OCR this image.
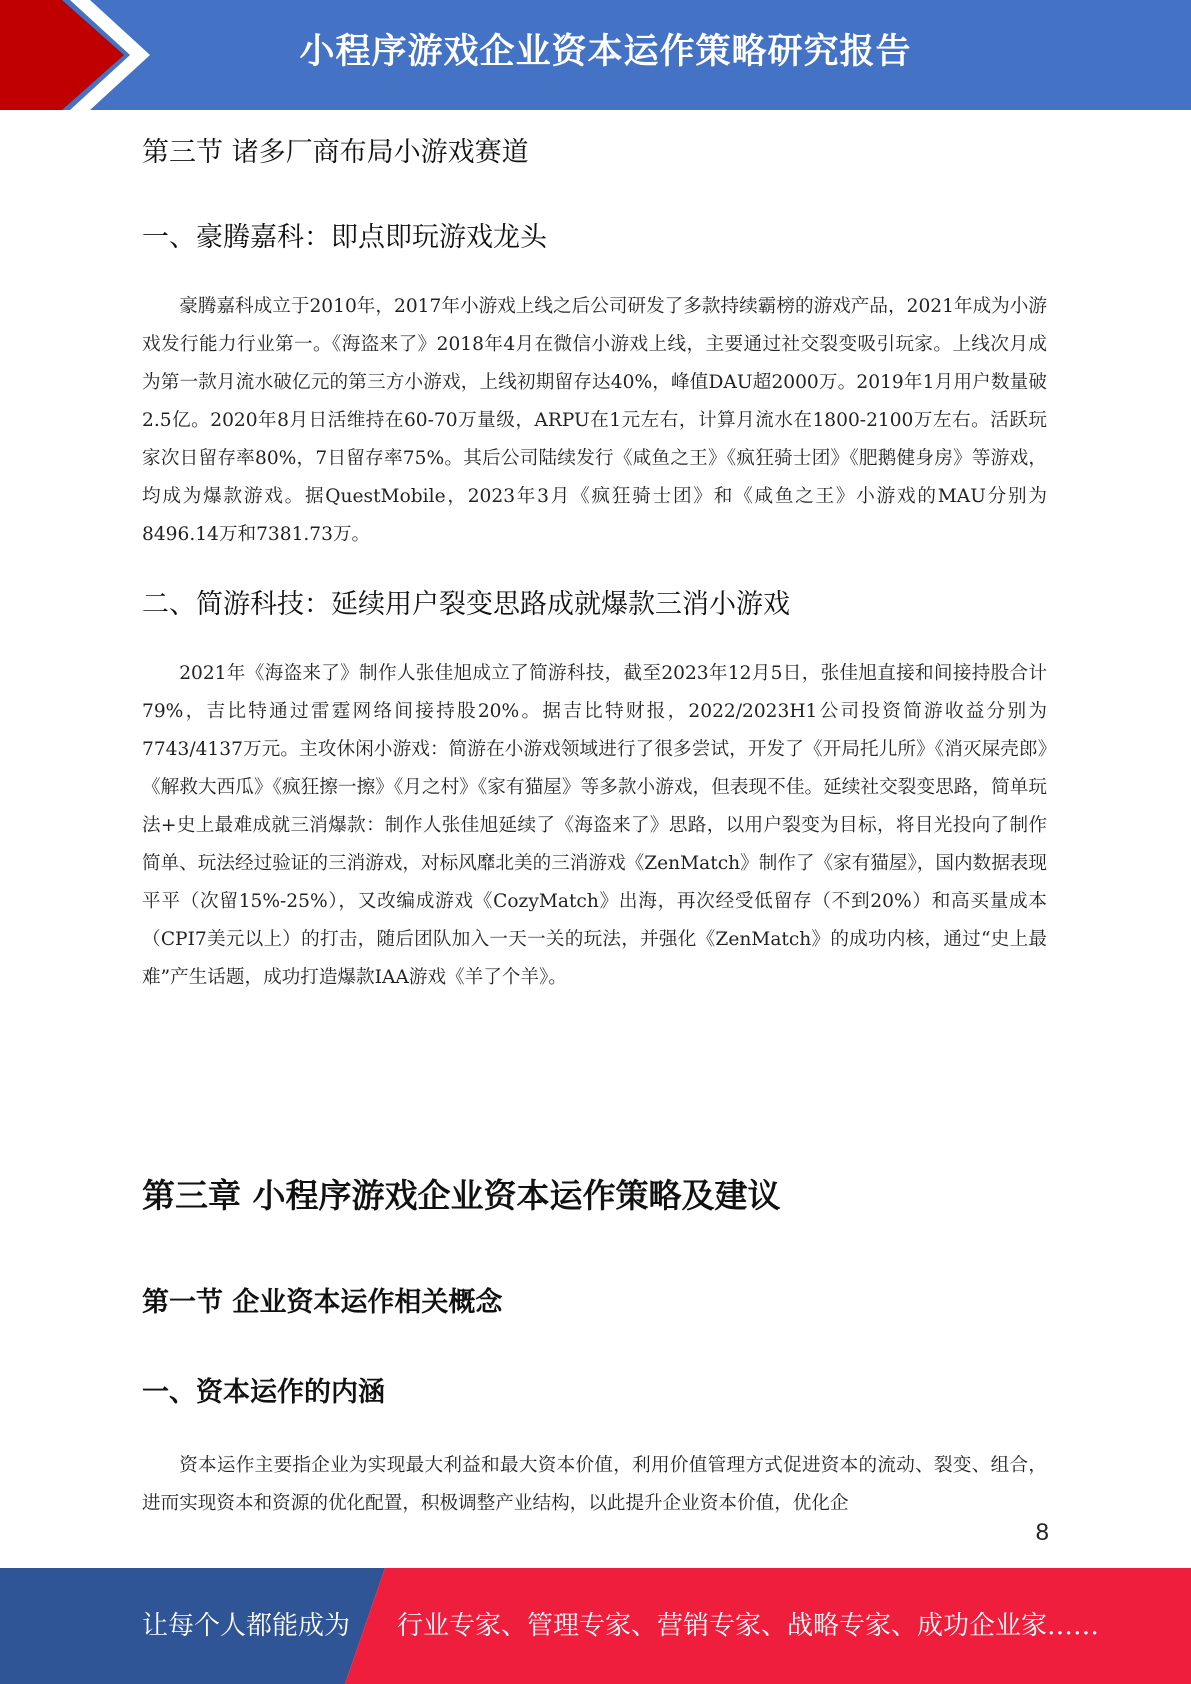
小程序游戏企业资本运作策略研究报告
第三节 诸多厂商布局小游戏赛道
一、豪腾嘉科：即点即玩游戏龙头

豪腾嘉科成立于2010年，2017年小游戏上线之后公司研发了多款持续霸榜的游戏产品，2021年成为小游戏发行能力行业第一。《海盗来了》2018年4月在微信小游戏上线，主要通过社交裂变吸引玩家。上线次月成为第一款月流水破亿元的第三方小游戏，上线初期留存达40%，峰值DAU超2000万。2019年1月用户数量破2.5亿。2020年8月日活维持在60-70万量级，ARPU在1元左右，计算月流水在1800-2100万左右。活跃玩家次日留存率80%，7日留存率75%。其后公司陆续发行《咸鱼之王》《疯狂骑士团》《肥鹅健身房》等游戏，均成为爆款游戏。据QuestMobile，2023年3月《疯狂骑士团》和《咸鱼之王》小游戏的MAU分别为8496.14万和7381.73万。

二、简游科技：延续用户裂变思路成就爆款三消小游戏

2021年《海盗来了》制作人张佳旭成立了简游科技，截至2023年12月5日，张佳旭直接和间接持股合计79%，吉比特通过雷霆网络间接持股20%。据吉比特财报，2022/2023H1公司投资简游收益分别为7743/4137万元。主攻休闲小游戏：简游在小游戏领域进行了很多尝试，开发了《开局托儿所》《消灭屎壳郎》《解救大西瓜》《疯狂擦一擦》《月之村》《家有猫屋》等多款小游戏，但表现不佳。延续社交裂变思路，简单玩法+史上最难成就三消爆款：制作人张佳旭延续了《海盗来了》思路，以用户裂变为目标，将目光投向了制作简单、玩法经过验证的三消游戏，对标风靡北美的三消游戏《ZenMatch》制作了《家有猫屋》，国内数据表现平平（次留15%-25%），又改编成游戏《CozyMatch》出海，再次经受低留存（不到20%）和高买量成本（CPI7美元以上）的打击，随后团队加入一天一关的玩法，并强化《ZenMatch》的成功内核，通过“史上最难”产生话题，成功打造爆款IAA游戏《羊了个羊》。

第三章 小程序游戏企业资本运作策略及建议
第一节 企业资本运作相关概念
一、资本运作的内涵

资本运作主要指企业为实现最大利益和最大资本价值，利用价值管理方式促进资本的流动、裂变、组合，进而实现资本和资源的优化配置，积极调整产业结构，以此提升企业资本价值，优化企

8
让每个人都能成为 行业专家、管理专家、营销专家、战略专家、成功企业家……
